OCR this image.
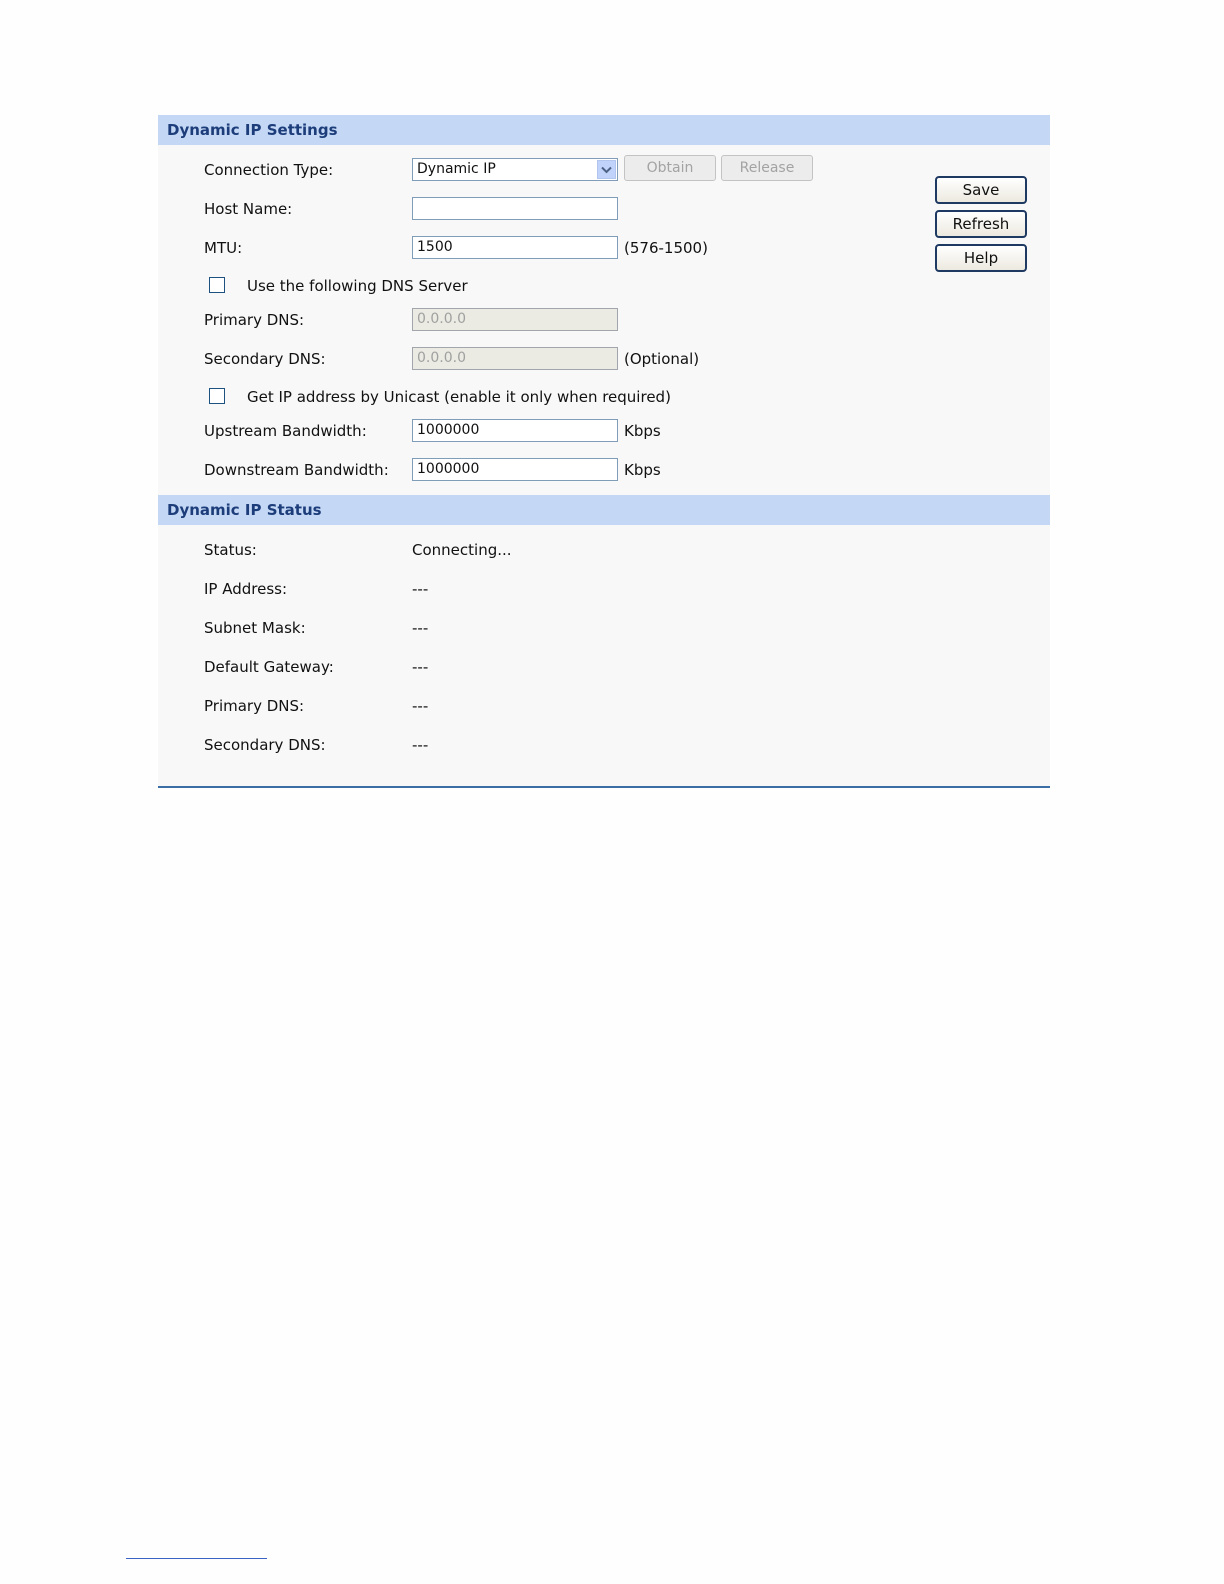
Dynamic IP Settings
Connection Type:	Dynamic IP	Obtain	Release
Host Name:
MTU:	1500	(576-1500)
Use the following DNS Server
Primary DNS:	0.0.0.0
Secondary DNS:	0.0.0.0	(Optional)
Get IP address by Unicast (enable it only when required)
Upstream Bandwidth:	1000000	Kbps
Downstream Bandwidth:	1000000	Kbps
Save
Refresh
Help
Dynamic IP Status
Status:	Connecting...
IP Address:	---
Subnet Mask:	---
Default Gateway:	---
Primary DNS:	---
Secondary DNS:	---
